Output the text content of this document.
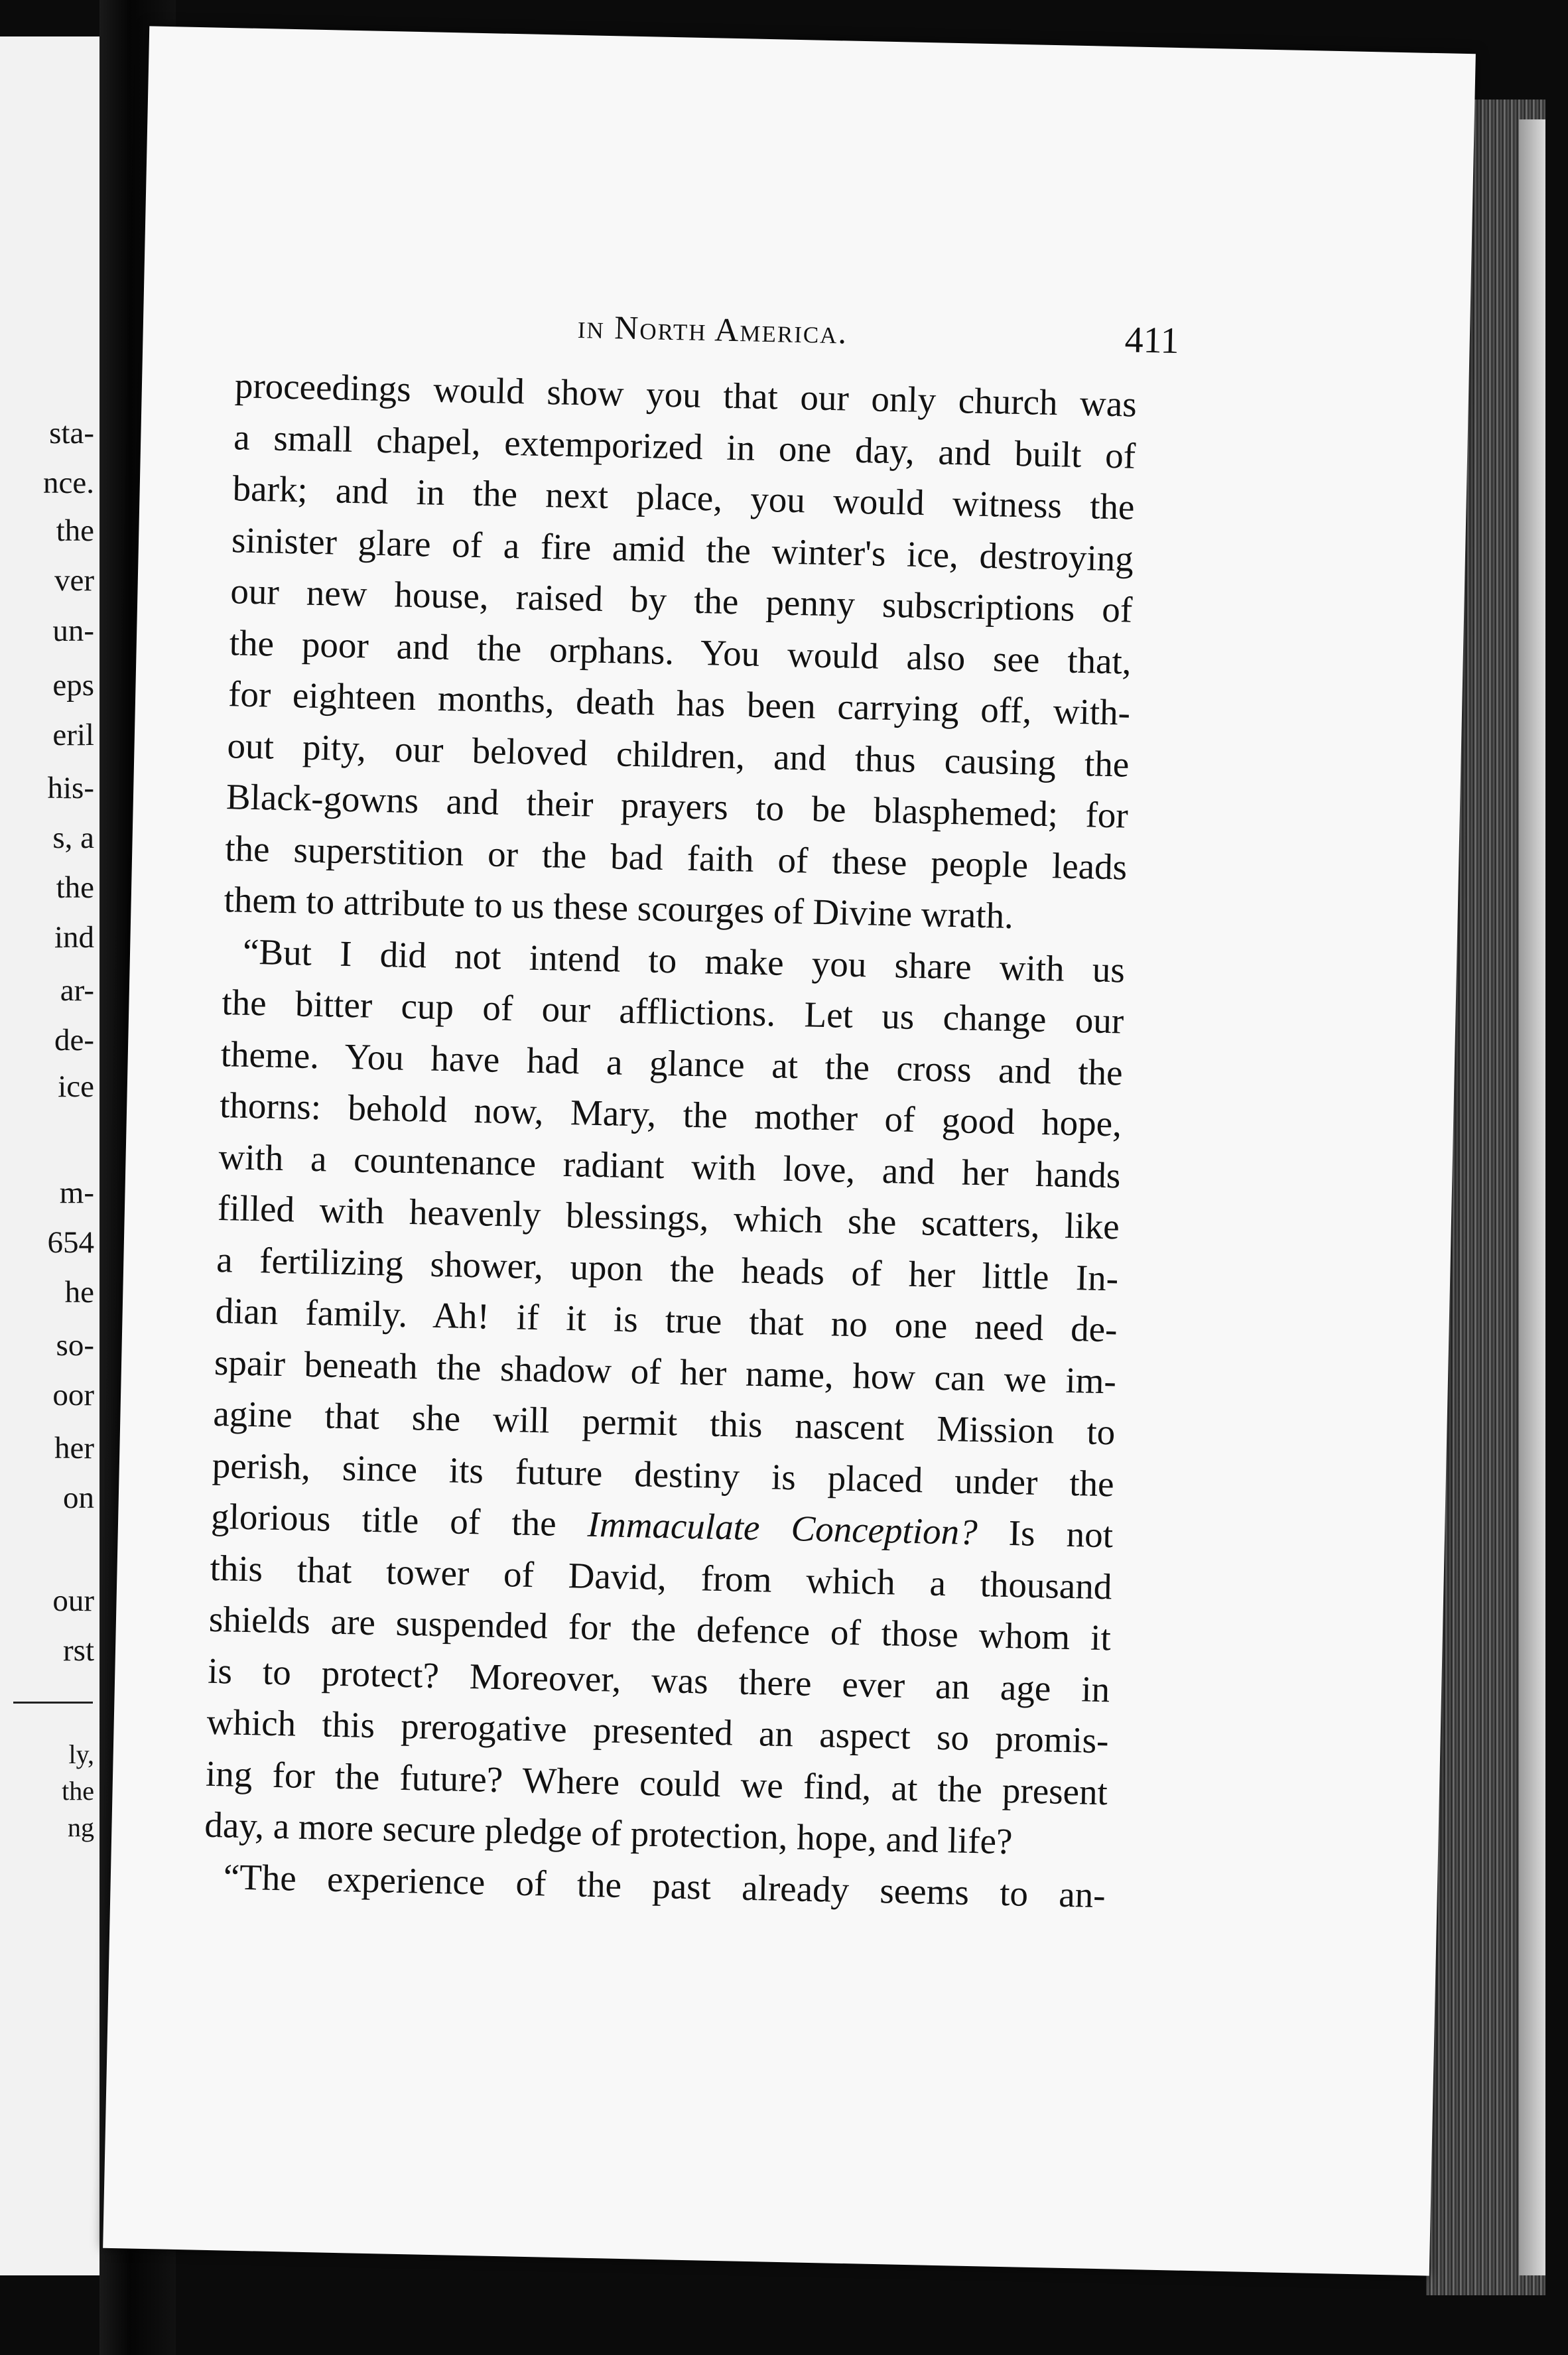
sta-
nce.
the
ver
un-
eps
eril
his-
s, a
the
ind
ar-
de-
ice
m-
654
he
so-
oor
her
on
our
rst
ly,
the
ng
in North America.	411
proceedings would show you that our only church was
a small chapel, extemporized in one day, and built of
bark; and in the next place, you would witness the
sinister glare of a fire amid the winter's ice, destroying
our new house, raised by the penny subscriptions of
the poor and the orphans. You would also see that,
for eighteen months, death has been carrying off, with-
out pity, our beloved children, and thus causing the
Black-gowns and their prayers to be blasphemed; for
the superstition or the bad faith of these people leads
them to attribute to us these scourges of Divine wrath.
“But I did not intend to make you share with us
the bitter cup of our afflictions. Let us change our
theme. You have had a glance at the cross and the
thorns: behold now, Mary, the mother of good hope,
with a countenance radiant with love, and her hands
filled with heavenly blessings, which she scatters, like
a fertilizing shower, upon the heads of her little In-
dian family. Ah! if it is true that no one need de-
spair beneath the shadow of her name, how can we im-
agine that she will permit this nascent Mission to
perish, since its future destiny is placed under the
glorious title of the Immaculate Conception? Is not
this that tower of David, from which a thousand
shields are suspended for the defence of those whom it
is to protect? Moreover, was there ever an age in
which this prerogative presented an aspect so promis-
ing for the future? Where could we find, at the present
day, a more secure pledge of protection, hope, and life?
“The experience of the past already seems to an-
